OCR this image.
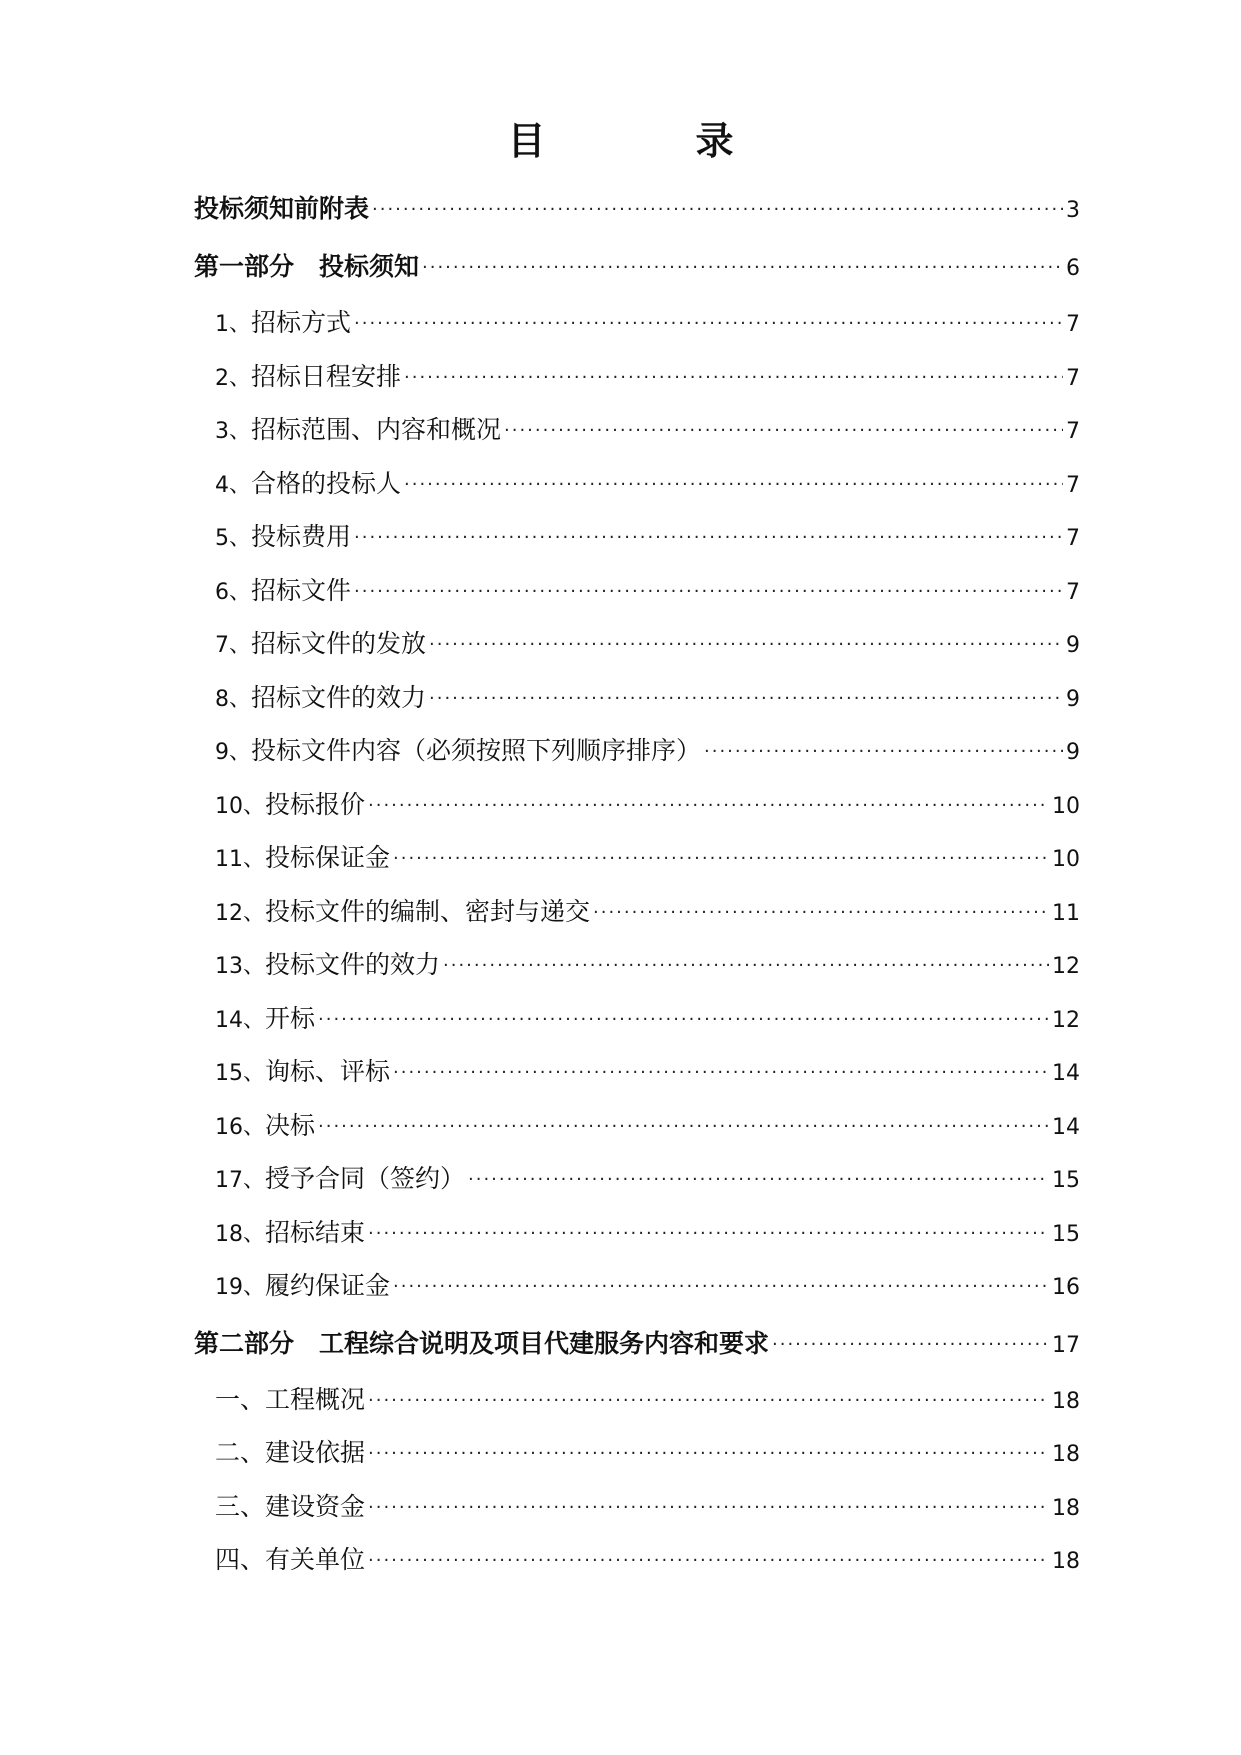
目　录
投标须知前附表 .....	3
第一部分　投标须知 .....	6
1、招标方式 .....	7
2、招标日程安排 .....	7
3、招标范围、内容和概况 .....	7
4、合格的投标人 .....	7
5、投标费用 .....	7
6、招标文件 .....	7
7、招标文件的发放 .....	9
8、招标文件的效力 .....	9
9、投标文件内容（必须按照下列顺序排序） .....	9
10、投标报价 .....	10
11、投标保证金 .....	10
12、投标文件的编制、密封与递交 .....	11
13、投标文件的效力 .....	12
14、开标 .....	12
15、询标、评标 .....	14
16、决标 .....	14
17、授予合同（签约） .....	15
18、招标结束 .....	15
19、履约保证金 .....	16
第二部分　工程综合说明及项目代建服务内容和要求 .....	17
一、工程概况 .....	18
二、建设依据 .....	18
三、建设资金 .....	18
四、有关单位 .....	18
